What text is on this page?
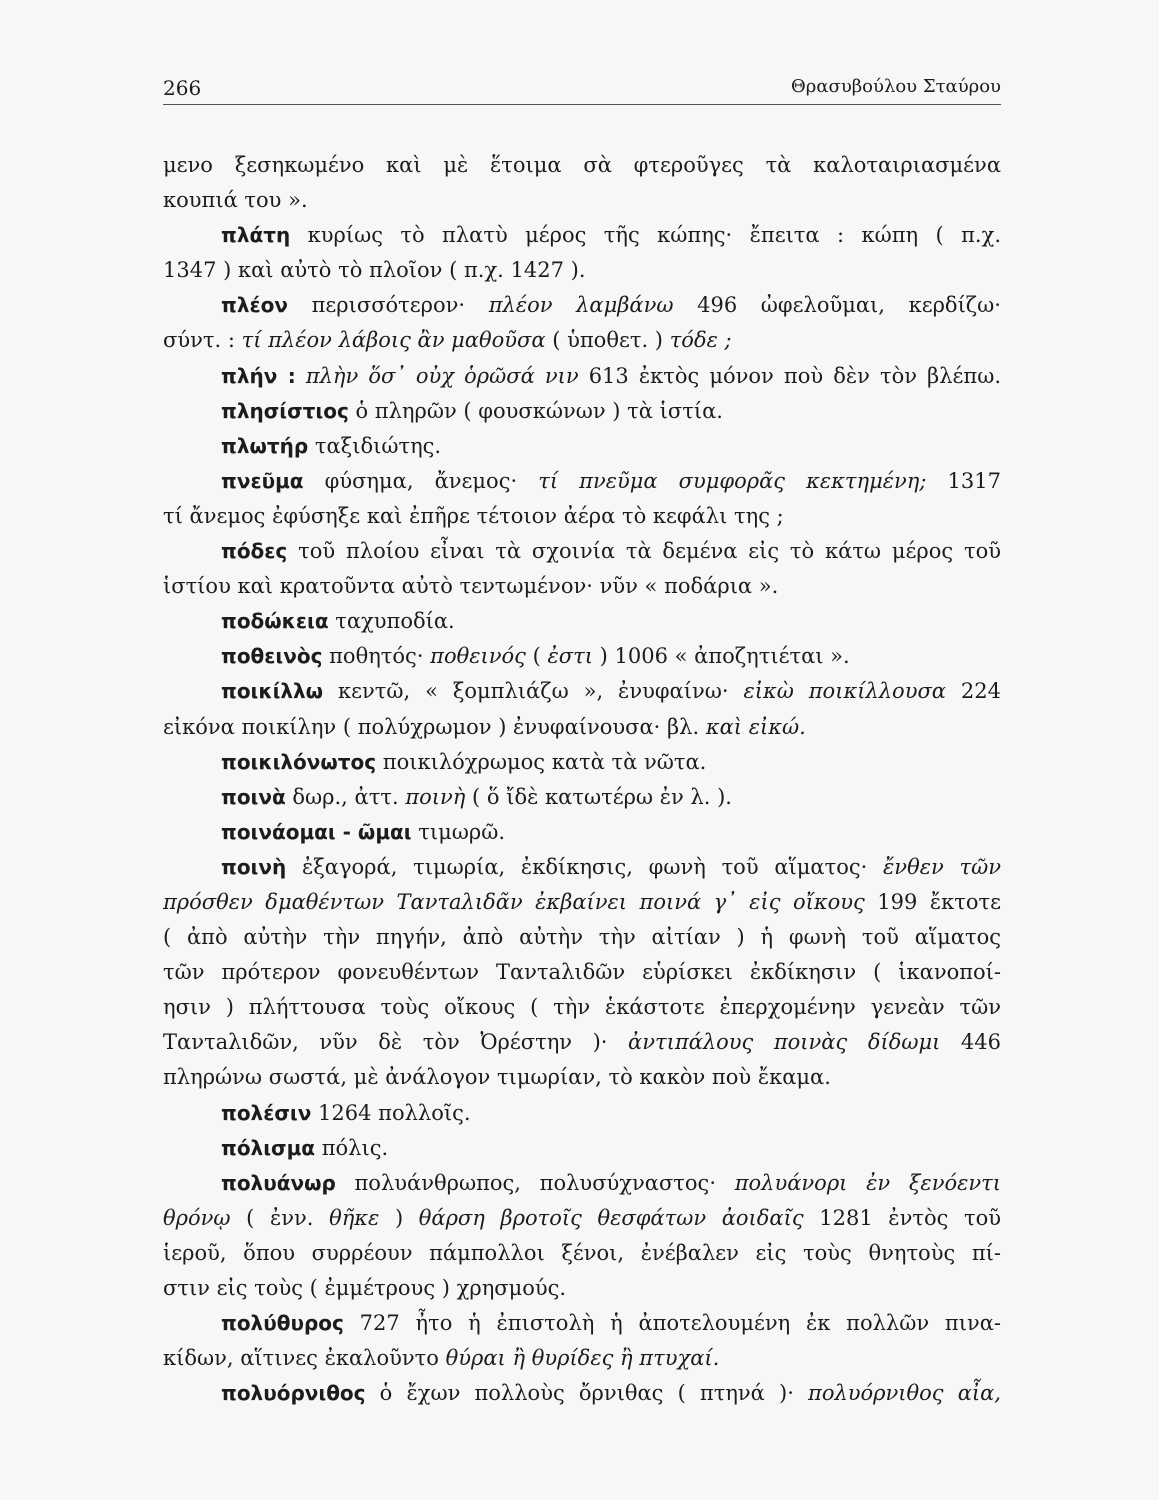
266	Θρασυβούλου Σταύρου
μενο ξεσηκωμένο καὶ μὲ ἕτοιμα σὰ φτεροῦγες τὰ καλοταιριασμένα
κουπιά του ».
πλάτη κυρίως τὸ πλατὺ μέρος τῆς κώπης· ἔπειτα : κώπη ( π.χ.
1347 ) καὶ αὐτὸ τὸ πλοῖον ( π.χ. 1427 ).
πλέον περισσότερον· πλέον λαμβάνω 496 ὠφελοῦμαι, κερδίζω·
σύντ. : τί πλέον λάβοις ἂν μαθοῦσα ( ὑποθετ. ) τόδε ;
πλήν : πλὴν ὅσ᾽ οὐχ ὁρῶσά νιν 613 ἐκτὸς μόνον ποὺ δὲν τὸν βλέπω.
πλησίστιος ὁ πληρῶν ( φουσκώνων ) τὰ ἱστία.
πλωτήρ ταξιδιώτης.
πνεῦμα φύσημα, ἄνεμος· τί πνεῦμα συμφορᾶς κεκτημένη; 1317
τί ἄνεμος ἐφύσηξε καὶ ἐπῆρε τέτοιον ἀέρα τὸ κεφάλι της ;
πόδες τοῦ πλοίου εἶναι τὰ σχοινία τὰ δεμένα εἰς τὸ κάτω μέρος τοῦ
ἱστίου καὶ κρατοῦντα αὐτὸ τεντωμένον· νῦν « ποδάρια ».
ποδώκεια ταχυποδία.
ποθεινὸς ποθητός· ποθεινός ( ἐστι ) 1006 « ἀποζητιέται ».
ποικίλλω κεντῶ, « ξομπλιάζω », ἐνυφαίνω· εἰκὼ ποικίλλουσα 224
εἰκόνα ποικίλην ( πολύχρωμον ) ἐνυφαίνουσα· βλ. καὶ εἰκώ.
ποικιλόνωτος ποικιλόχρωμος κατὰ τὰ νῶτα.
ποινὰ δωρ., ἀττ. ποινὴ ( ὅ ἴδὲ κατωτέρω ἐν λ. ).
ποινάομαι - ῶμαι τιμωρῶ.
ποινὴ ἐξαγορά, τιμωρία, ἐκδίκησις, φωνὴ τοῦ αἵματος· ἔνθεν τῶν
πρόσθεν δμαθέντων Ταντaλιδᾶν ἐκβαίνει ποινά γ᾽ εἰς οἴκους 199 ἔκτοτε
( ἀπὸ αὐτὴν τὴν πηγήν, ἀπὸ αὐτὴν τὴν αἰτίαν ) ἡ φωνὴ τοῦ αἵματος
τῶν πρότερον φονευθέντων Ταντaλιδῶν εὑρίσκει ἐκδίκησιν ( ἱκανοποί-
ησιν ) πλήττουσα τοὺς οἴκους ( τὴν ἑκάστοτε ἐπερχομένην γενεὰν τῶν
Ταντaλιδῶν, νῦν δὲ τὸν Ὀρέστην )· ἀντιπάλους ποινὰς δίδωμι 446
πληρώνω σωστά, μὲ ἀνάλογον τιμωρίαν, τὸ κακὸν ποὺ ἔκαμα.
πολέσιν 1264 πολλοῖς.
πόλισμα πόλις.
πολυάνωρ πολυάνθρωπος, πολυσύχναστος· πολυάνορι ἐν ξενόεντι
θρόνῳ ( ἐνν. θῆκε ) θάρση βροτοῖς θεσφάτων ἀοιδαῖς 1281 ἐντὸς τοῦ
ἱεροῦ, ὅπου συρρέουν πάμπολλοι ξένοι, ἐνέβαλεν εἰς τοὺς θνητοὺς πί-
στιν εἰς τοὺς ( ἐμμέτρους ) χρησμούς.
πολύθυρος 727 ἦτο ἡ ἐπιστολὴ ἡ ἀποτελουμένη ἐκ πολλῶν πινα-
κίδων, αἵτινες ἐκαλοῦντο θύραι ἢ θυρίδες ἢ πτυχαί.
πολυόρνιθος ὁ ἔχων πολλοὺς ὄρνιθας ( πτηνά )· πολυόρνιθος αἶα,
